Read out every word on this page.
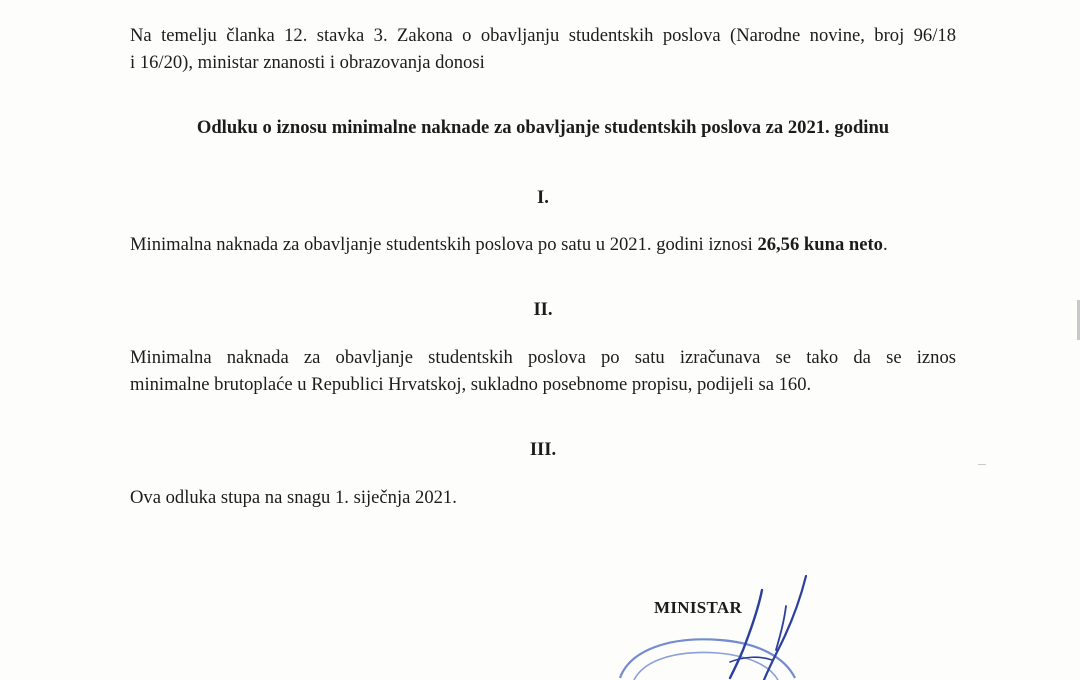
Na temelju članka 12. stavka 3. Zakona o obavljanju studentskih poslova (Narodne novine, broj 96/18
i 16/20), ministar znanosti i obrazovanja donosi

Odluku o iznosu minimalne naknade za obavljanje studentskih poslova za 2021. godinu

I.

Minimalna naknada za obavljanje studentskih poslova po satu u 2021. godini iznosi 26,56 kuna neto.

II.

Minimalna naknada za obavljanje studentskih poslova po satu izračunava se tako da se iznos
minimalne brutoplaće u Republici Hrvatskoj, sukladno posebnome propisu, podijeli sa 160.

III.

Ova odluka stupa na snagu 1. siječnja 2021.

MINISTAR
